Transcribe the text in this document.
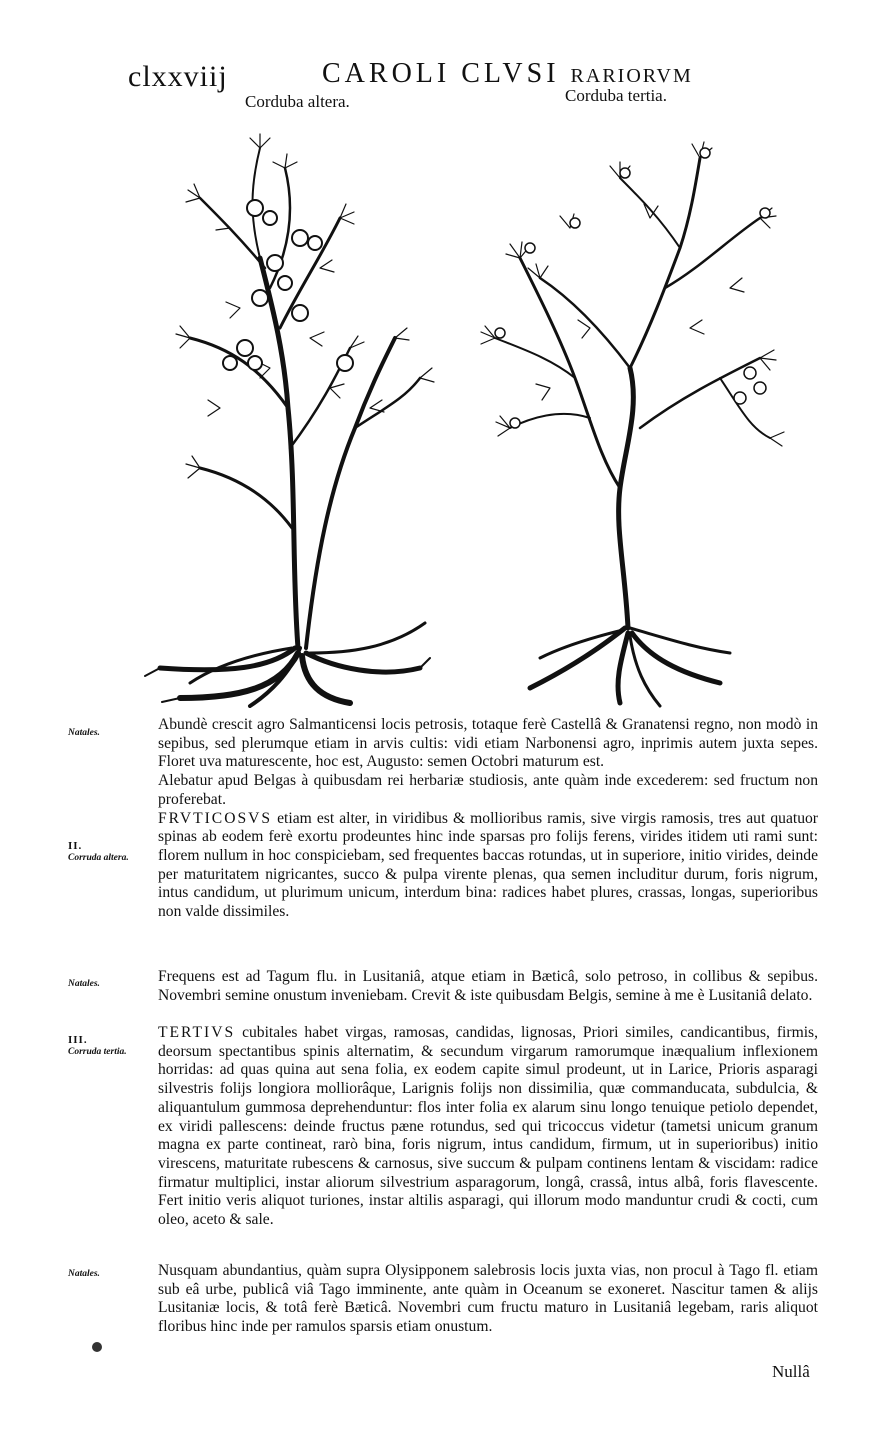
clxxviij	CAROLI CLVSI RARIORVM
Corduba altera.	Corduba tertia.
Natales.
II.
Corruda altera.
Natales.
III.
Corruda tertia.
Natales.

Abundè crescit agro Salmanticensi locis petrosis, totaque ferè Castellâ & Granatensi regno, non modò in sepibus, sed plerumque etiam in arvis cultis: vidi etiam Narbonensi agro, inprimis autem juxta sepes. Floret uva maturescente, hoc est, Augusto: semen Octobri maturum est.

Alebatur apud Belgas à quibusdam rei herbariæ studiosis, ante quàm inde excederem: sed fructum non proferebat.

FRVTICOSVS etiam est alter, in viridibus & mollioribus ramis, sive virgis ramosis, tres aut quatuor spinas ab eodem ferè exortu prodeuntes hinc inde sparsas pro folijs ferens, virides itidem uti rami sunt: florem nullum in hoc conspiciebam, sed frequentes baccas rotundas, ut in superiore, initio virides, deinde per maturitatem nigricantes, succo & pulpa virente plenas, qua semen includitur durum, foris nigrum, intus candidum, ut plurimum unicum, interdum bina: radices habet plures, crassas, longas, superioribus non valde dissimiles.

Frequens est ad Tagum flu. in Lusitaniâ, atque etiam in Bæticâ, solo petroso, in collibus & sepibus. Novembri semine onustum inveniebam. Crevit & iste quibusdam Belgis, semine à me è Lusitaniâ delato.

TERTIVS cubitales habet virgas, ramosas, candidas, lignosas, Priori similes, candicantibus, firmis, deorsum spectantibus spinis alternatim, & secundum virgarum ramorumque inæqualium inflexionem horridas: ad quas quina aut sena folia, ex eodem capite simul prodeunt, ut in Larice, Prioris asparagi silvestris folijs longiora molliorâque, Larignis folijs non dissimilia, quæ commanducata, subdulcia, & aliquantulum gummosa deprehenduntur: flos inter folia ex alarum sinu longo tenuique petiolo dependet, ex viridi pallescens: deinde fructus pæne rotundus, sed qui tricoccus videtur (tametsi unicum granum magna ex parte contineat, rarò bina, foris nigrum, intus candidum, firmum, ut in superioribus) initio virescens, maturitate rubescens & carnosus, sive succum & pulpam continens lentam & viscidam: radice firmatur multiplici, instar aliorum silvestrium asparagorum, longâ, crassâ, intus albâ, foris flavescente. Fert initio veris aliquot turiones, instar altilis asparagi, qui illorum modo manduntur crudi & cocti, cum oleo, aceto & sale.

Nusquam abundantius, quàm supra Olysipponem salebrosis locis juxta vias, non procul à Tago fl. etiam sub eâ urbe, publicâ viâ Tago imminente, ante quàm in Oceanum se exoneret. Nascitur tamen & alijs Lusitaniæ locis, & totâ ferè Bæticâ. Novembri cum fructu maturo in Lusitaniâ legebam, raris aliquot floribus hinc inde per ramulos sparsis etiam onustum.

Nullâ
